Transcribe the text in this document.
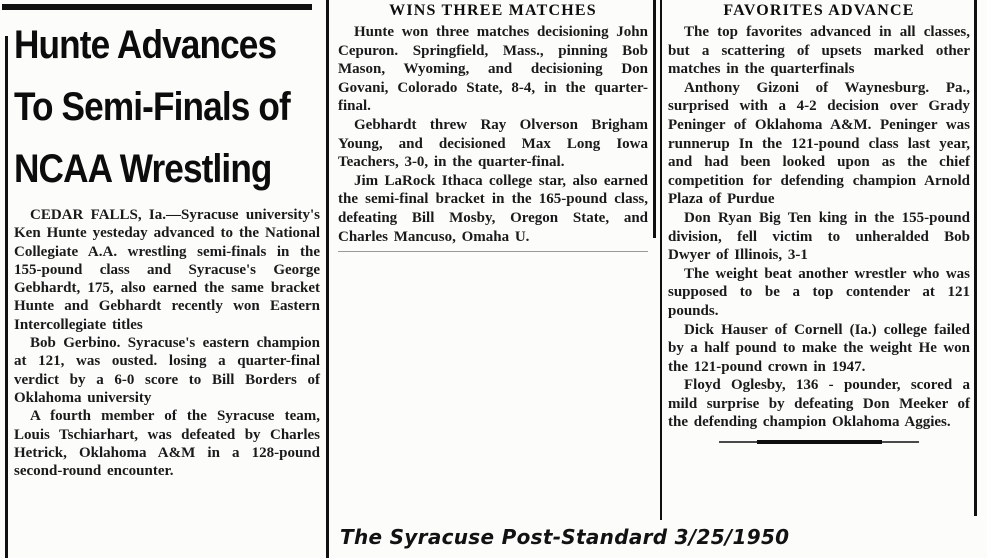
Hunte Advances
To Semi-Finals of
NCAA Wrestling

CEDAR FALLS, Ia.—Syracuse university's Ken Hunte yesteday advanced to the National Collegiate A.A. wrestling semi-finals in the 155-pound class and Syracuse's George Gebhardt, 175, also earned the same bracket Hunte and Gebhardt recently won Eastern Intercollegiate titles

Bob Gerbino. Syracuse's eastern champion at 121, was ousted. losing a quarter-final verdict by a 6-0 score to Bill Borders of Oklahoma university

A fourth member of the Syracuse team, Louis Tschiarhart, was defeated by Charles Hetrick, Oklahoma A&M in a 128-pound second-round encounter.

WINS THREE MATCHES

Hunte won three matches decisioning John Cepuron. Springfield, Mass., pinning Bob Mason, Wyoming, and decisioning Don Govani, Colorado State, 8-4, in the quarter-final.

Gebhardt threw Ray Olverson Brigham Young, and decisioned Max Long Iowa Teachers, 3-0, in the quarter-final.

Jim LaRock Ithaca college star, also earned the semi-final bracket in the 165-pound class, defeating Bill Mosby, Oregon State, and Charles Mancuso, Omaha U.

FAVORITES ADVANCE

The top favorites advanced in all classes, but a scattering of upsets marked other matches in the quarterfinals

Anthony Gizoni of Waynesburg. Pa., surprised with a 4-2 decision over Grady Peninger of Oklahoma A&M. Peninger was runnerup In the 121-pound class last year, and had been looked upon as the chief competition for defending champion Arnold Plaza of Purdue

Don Ryan Big Ten king in the 155-pound division, fell victim to unheralded Bob Dwyer of Illinois, 3-1

The weight beat another wrestler who was supposed to be a top contender at 121 pounds.

Dick Hauser of Cornell (Ia.) college failed by a half pound to make the weight He won the 121-pound crown in 1947.

Floyd Oglesby, 136 - pounder, scored a mild surprise by defeating Don Meeker of the defending champion Oklahoma Aggies.

The Syracuse Post-Standard 3/25/1950
